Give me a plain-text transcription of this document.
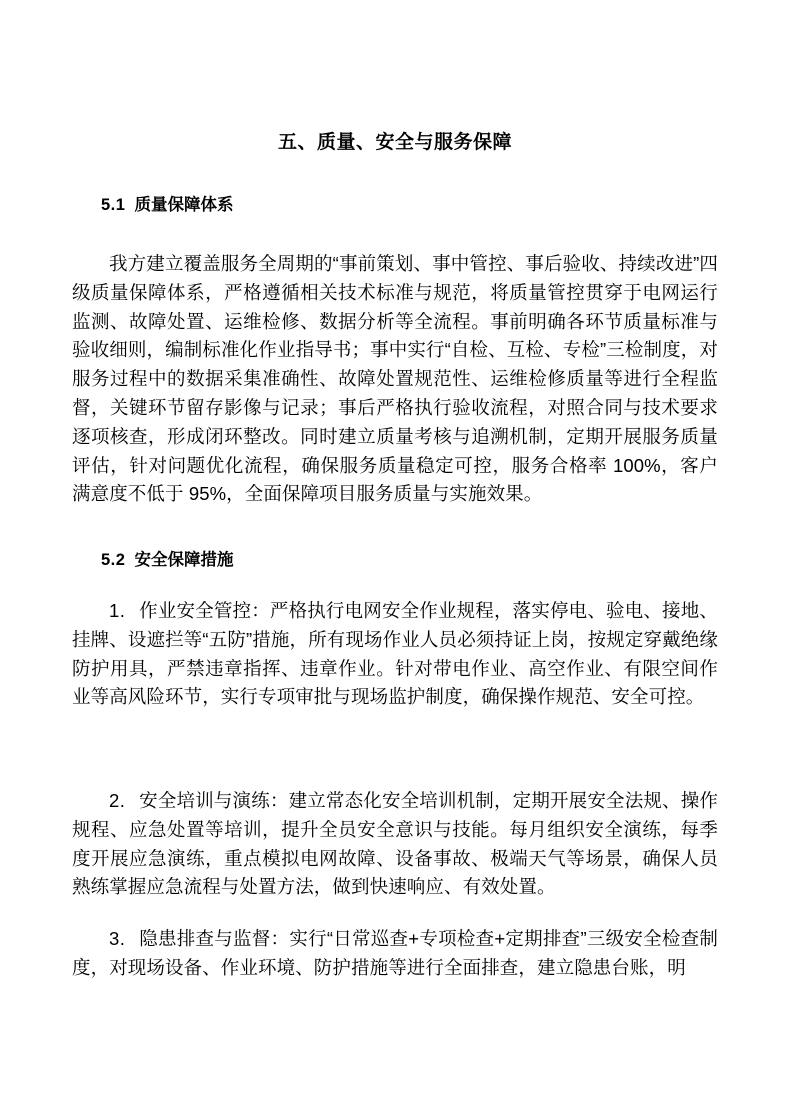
五、质量、安全与服务保障
5.1 质量保障体系

我方建立覆盖服务全周期的“事前策划、事中管控、事后验收、持续改进”四级质量保障体系，严格遵循相关技术标准与规范，将质量管控贯穿于电网运行监测、故障处置、运维检修、数据分析等全流程。事前明确各环节质量标准与验收细则，编制标准化作业指导书；事中实行“自检、互检、专检”三检制度，对服务过程中的数据采集准确性、故障处置规范性、运维检修质量等进行全程监督，关键环节留存影像与记录；事后严格执行验收流程，对照合同与技术要求逐项核查，形成闭环整改。同时建立质量考核与追溯机制，定期开展服务质量评估，针对问题优化流程，确保服务质量稳定可控，服务合格率 100%，客户满意度不低于 95%，全面保障项目服务质量与实施效果。

5.2 安全保障措施

1. 作业安全管控：严格执行电网安全作业规程，落实停电、验电、接地、挂牌、设遮拦等“五防”措施，所有现场作业人员必须持证上岗，按规定穿戴绝缘防护用具，严禁违章指挥、违章作业。针对带电作业、高空作业、有限空间作业等高风险环节，实行专项审批与现场监护制度，确保操作规范、安全可控。

2. 安全培训与演练：建立常态化安全培训机制，定期开展安全法规、操作规程、应急处置等培训，提升全员安全意识与技能。每月组织安全演练，每季度开展应急演练，重点模拟电网故障、设备事故、极端天气等场景，确保人员熟练掌握应急流程与处置方法，做到快速响应、有效处置。

3. 隐患排查与监督：实行“日常巡查+专项检查+定期排查”三级安全检查制度，对现场设备、作业环境、防护措施等进行全面排查，建立隐患台账，明
